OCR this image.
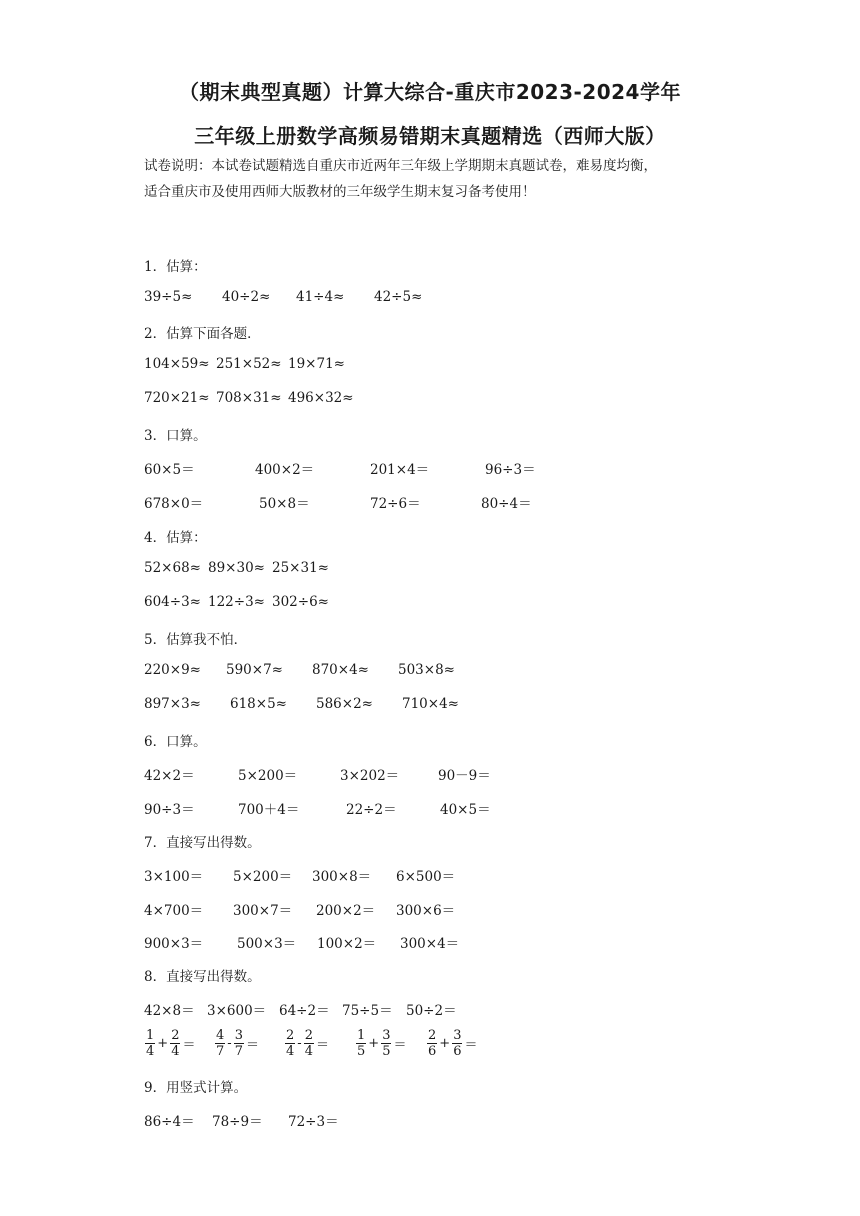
（期末典型真题）计算大综合-重庆市2023-2024学年
三年级上册数学高频易错期末真题精选（西师大版）
试卷说明：本试卷试题精选自重庆市近两年三年级上学期期末真题试卷，难易度均衡，
适合重庆市及使用西师大版教材的三年级学生期末复习备考使用！
1．估算：
39÷5≈ 40÷2≈ 41÷4≈ 42÷5≈
2．估算下面各题．
104×59≈ 251×52≈ 19×71≈
720×21≈ 708×31≈ 496×32≈
3．口算。
60×5＝	400×2＝	201×4＝	96÷3＝
678×0＝	50×8＝	72÷6＝	80÷4＝
4．估算：
52×68≈ 89×30≈ 25×31≈
604÷3≈ 122÷3≈ 302÷6≈
5．估算我不怕．
220×9≈ 590×7≈ 870×4≈ 503×8≈
897×3≈ 618×5≈ 586×2≈ 710×4≈
6．口算。
42×2＝	5×200＝	3×202＝	90－9＝
90÷3＝	700＋4＝	22÷2＝	40×5＝
7．直接写出得数。
3×100＝ 5×200＝ 300×8＝ 6×500＝
4×700＝ 300×7＝ 200×2＝ 300×6＝
900×3＝	500×3＝ 100×2＝ 300×4＝
8．直接写出得数。
42×8＝ 3×600＝ 64÷2＝ 75÷5＝ 50÷2＝
$\frac{1}{4} + \frac{2}{4} = \frac{4}{7} - \frac{3}{7} = \frac{2}{4} - \frac{2}{4} = \frac{1}{5} + \frac{3}{5} = \frac{2}{6} + \frac{3}{6}$ ＝
9．用竖式计算。
86÷4＝ 78÷9＝ 72÷3＝
